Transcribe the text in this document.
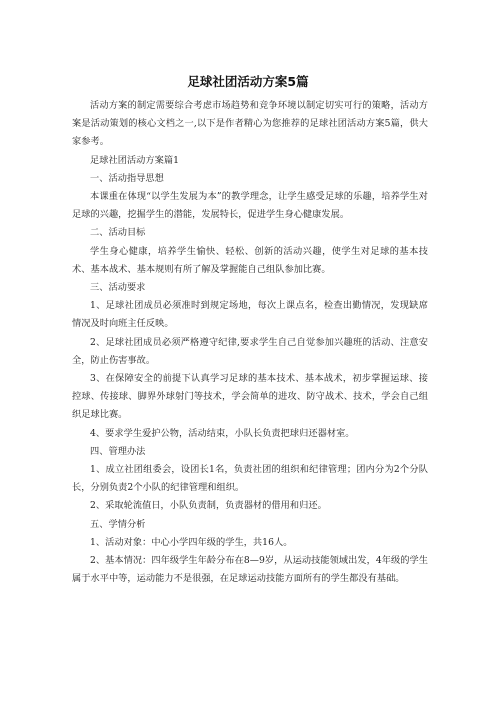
足球社团活动方案5篇

活动方案的制定需要综合考虑市场趋势和竞争环境以制定切实可行的策略，活动方案是活动策划的核心文档之一,以下是作者精心为您推荐的足球社团活动方案5篇，供大家参考。

足球社团活动方案篇1

一、活动指导思想

本课重在体现“以学生发展为本”的教学理念，让学生感受足球的乐趣，培养学生对足球的兴趣，挖掘学生的潜能，发展特长，促进学生身心健康发展。

二、活动目标

学生身心健康，培养学生愉快、轻松、创新的活动兴趣，使学生对足球的基本技术、基本战术、基本规则有所了解及掌握能自己组队参加比赛。

三、活动要求

1、足球社团成员必须准时到规定场地，每次上课点名，检查出勤情况，发现缺席情况及时向班主任反映。

2、足球社团成员必须严格遵守纪律,要求学生自己自觉参加兴趣班的活动、注意安全，防止伤害事故。

3、在保障安全的前提下认真学习足球的基本技术、基本战术，初步掌握运球、接控球、传接球、脚界外球射门等技术，学会简单的进攻、防守战术、技术，学会自己组织足球比赛。

4、要求学生爱护公物，活动结束，小队长负责把球归还器材室。

四、管理办法

1、成立社团组委会，设团长1名，负责社团的组织和纪律管理；团内分为2个分队长，分别负责2个小队的纪律管理和组织。

2、采取轮流值日，小队负责制，负责器材的借用和归还。

五、学情分析

1、活动对象：中心小学四年级的学生，共16人。

2、基本情况：四年级学生年龄分布在8—9岁，从运动技能领域出发，4年级的学生属于水平中等，运动能力不是很强，在足球运动技能方面所有的学生都没有基础。
